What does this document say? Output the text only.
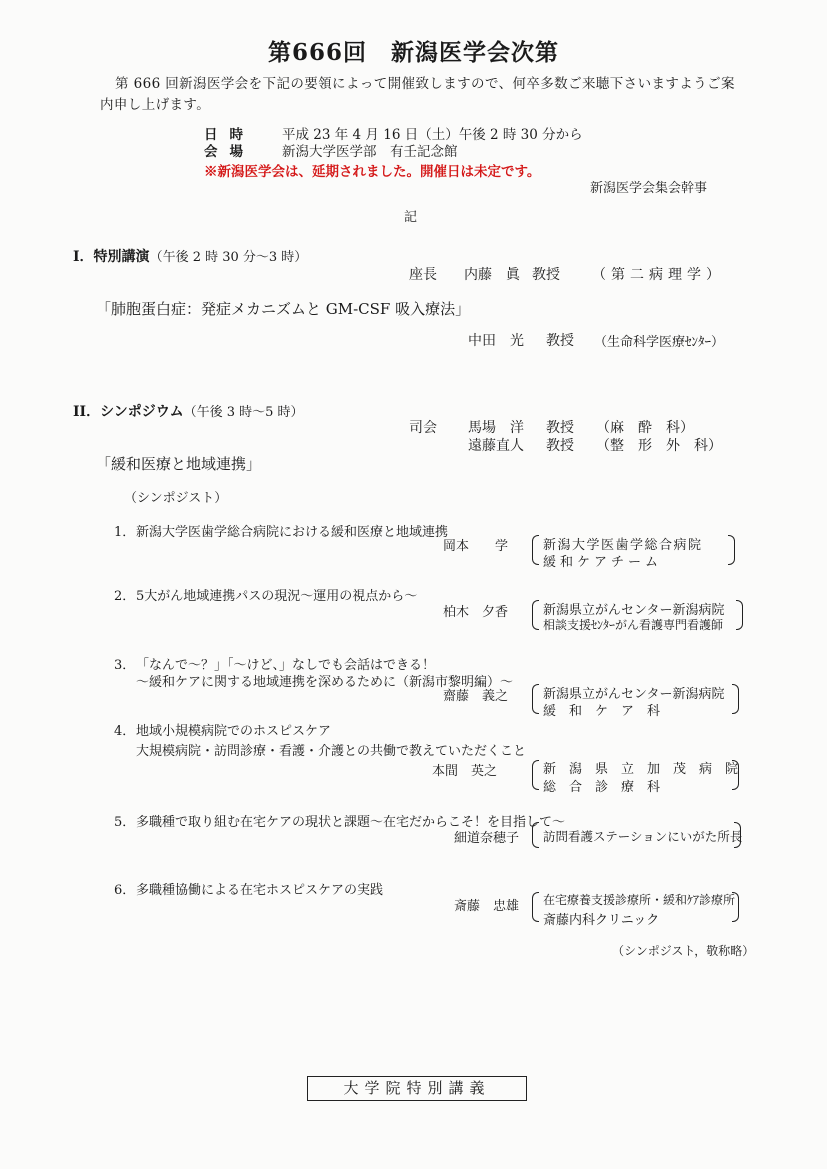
第666回　新潟医学会次第
第 666 回新潟医学会を下記の要領によって開催致しますので、何卒多数ご来聴下さいますようご案内申し上げます。
日時 平成 23 年 4 月 16 日（土）午後 2 時 30 分から
会場 新潟大学医学部　有壬記念館
※新潟医学会は、延期されました。開催日は未定です。
新潟医学会集会幹事
記
I．特別講演（午後 2 時 30 分～3 時）
座長 内藤　眞 教授 （第二病理学）
「肺胞蛋白症：発症メカニズムと GM-CSF 吸入療法」
中田　光 教授 （生命科学医療ｾﾝﾀｰ）
II．シンポジウム（午後 3 時～5 時）
司会 馬場　洋 教授 （麻　酔　科）
遠藤直人 教授 （整　形　外　科）
「緩和医療と地域連携」
（シンポジスト）
1． 新潟大学医歯学総合病院における緩和医療と地域連携
岡本　　学	新潟大学医歯学総合病院
緩和ケアチーム
2． 5大がん地域連携パスの現況～運用の視点から～
柏木　夕香	新潟県立がんセンター新潟病院
相談支援ｾﾝﾀｰがん看護専門看護師
3． 「なんで～？」「～けど、」なしでも会話はできる！
～緩和ケアに関する地域連携を深めるために（新潟市黎明編）～
齋藤　義之	新潟県立がんセンター新潟病院
緩　和　ケ　ア　科
4． 地域小規模病院でのホスピスケア
大規模病院・訪問診療・看護・介護との共働で教えていただくこと
本間　英之	新　潟　県　立　加　茂　病　院
総　合　診　療　科
5． 多職種で取り組む在宅ケアの現状と課題～在宅だからこそ！を目指して～
細道奈穂子 訪問看護ステーションにいがた所長
6． 多職種協働による在宅ホスピスケアの実践
斎藤　忠雄 在宅療養支援診療所・緩和ｹｱ診療所
斎藤内科クリニック
（シンポジスト，敬称略）
大学院特別講義
